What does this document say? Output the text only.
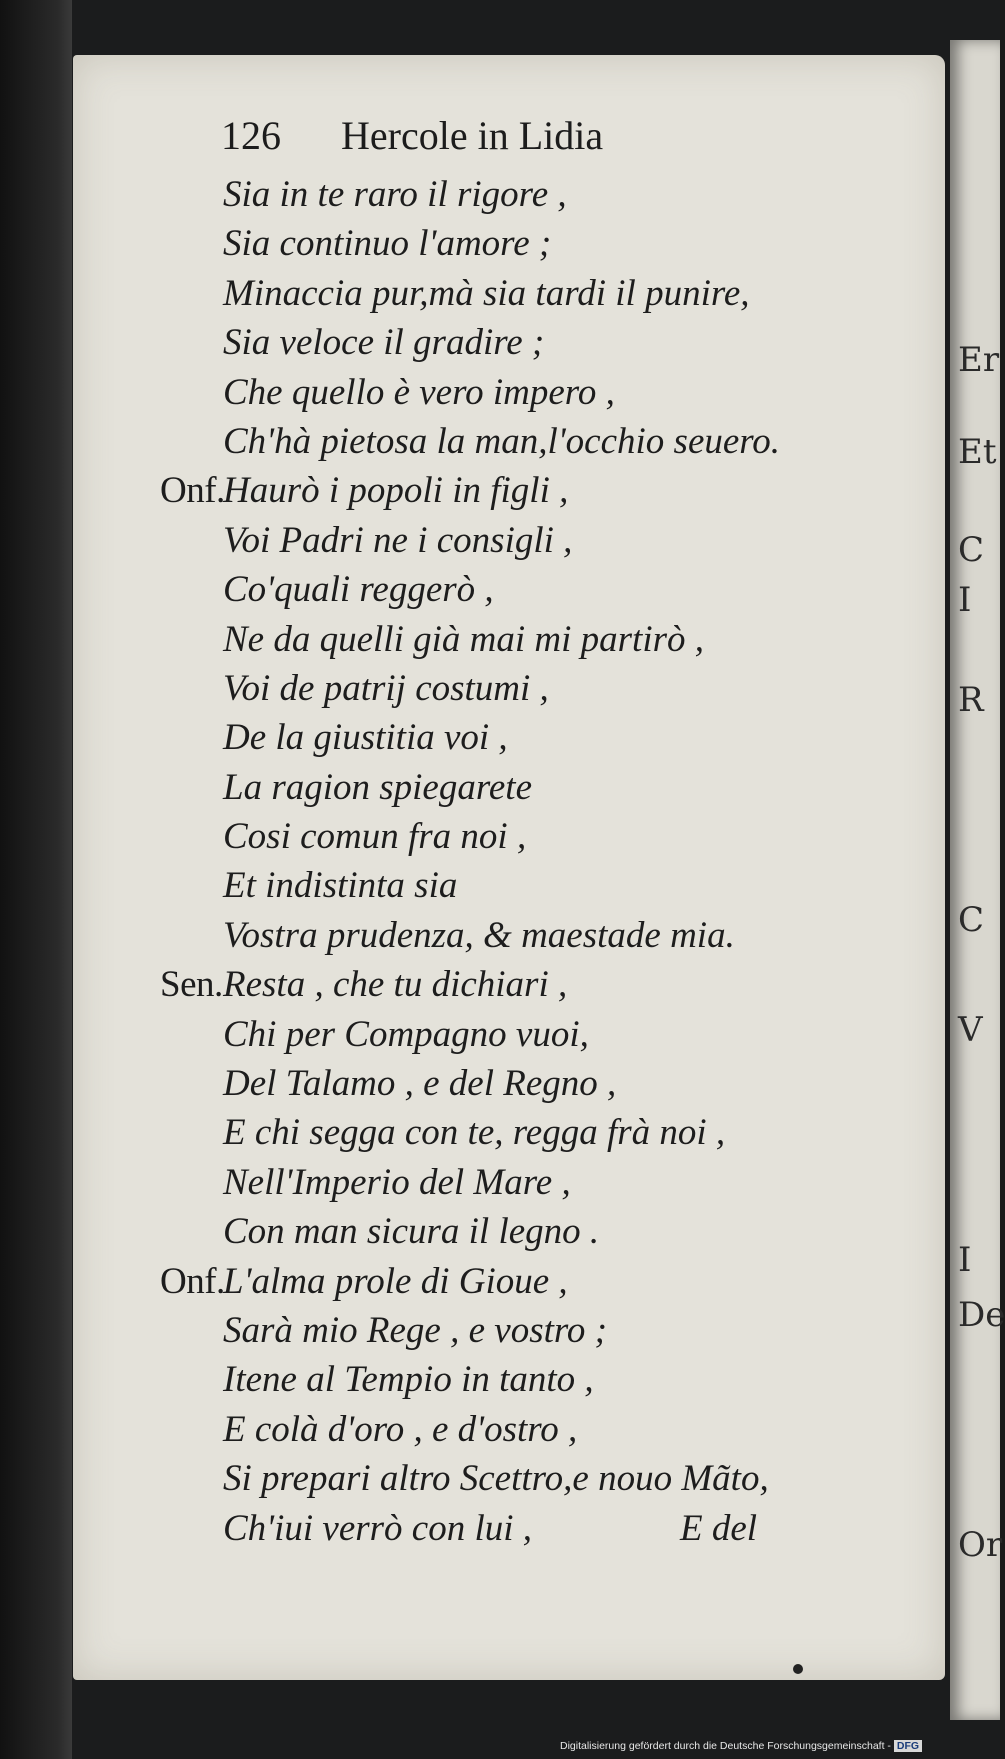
Er
Et
C
I
R
C
V
I
De
Or
126 Hercole in Lidia
Sia in te raro il rigore ,
Sia continuo l'amore ;
Minaccia pur,mà sia tardi il punire,
Sia veloce il gradire ;
Che quello è vero impero ,
Ch'hà pietosa la man,l'occhio seuero.
Onf.Haurò i popoli in figli ,
Voi Padri ne i consigli ,
Co'quali reggerò ,
Ne da quelli già mai mi partirò ,
Voi de patrij costumi ,
De la giustitia voi ,
La ragion spiegarete
Cosi comun fra noi ,
Et indistinta sia
Vostra prudenza, & maestade mia.
Sen.Resta , che tu dichiari ,
Chi per Compagno vuoi,
Del Talamo , e del Regno ,
E chi segga con te, regga frà noi ,
Nell'Imperio del Mare ,
Con man sicura il legno .
Onf.L'alma prole di Gioue ,
Sarà mio Rege , e vostro ;
Itene al Tempio in tanto ,
E colà d'oro , e d'ostro ,
Si prepari altro Scettro,e nouo Mãto,
Ch'iui verrò con lui ,	E del
Digitalisierung gefördert durch die Deutsche Forschungsgemeinschaft - DFG
